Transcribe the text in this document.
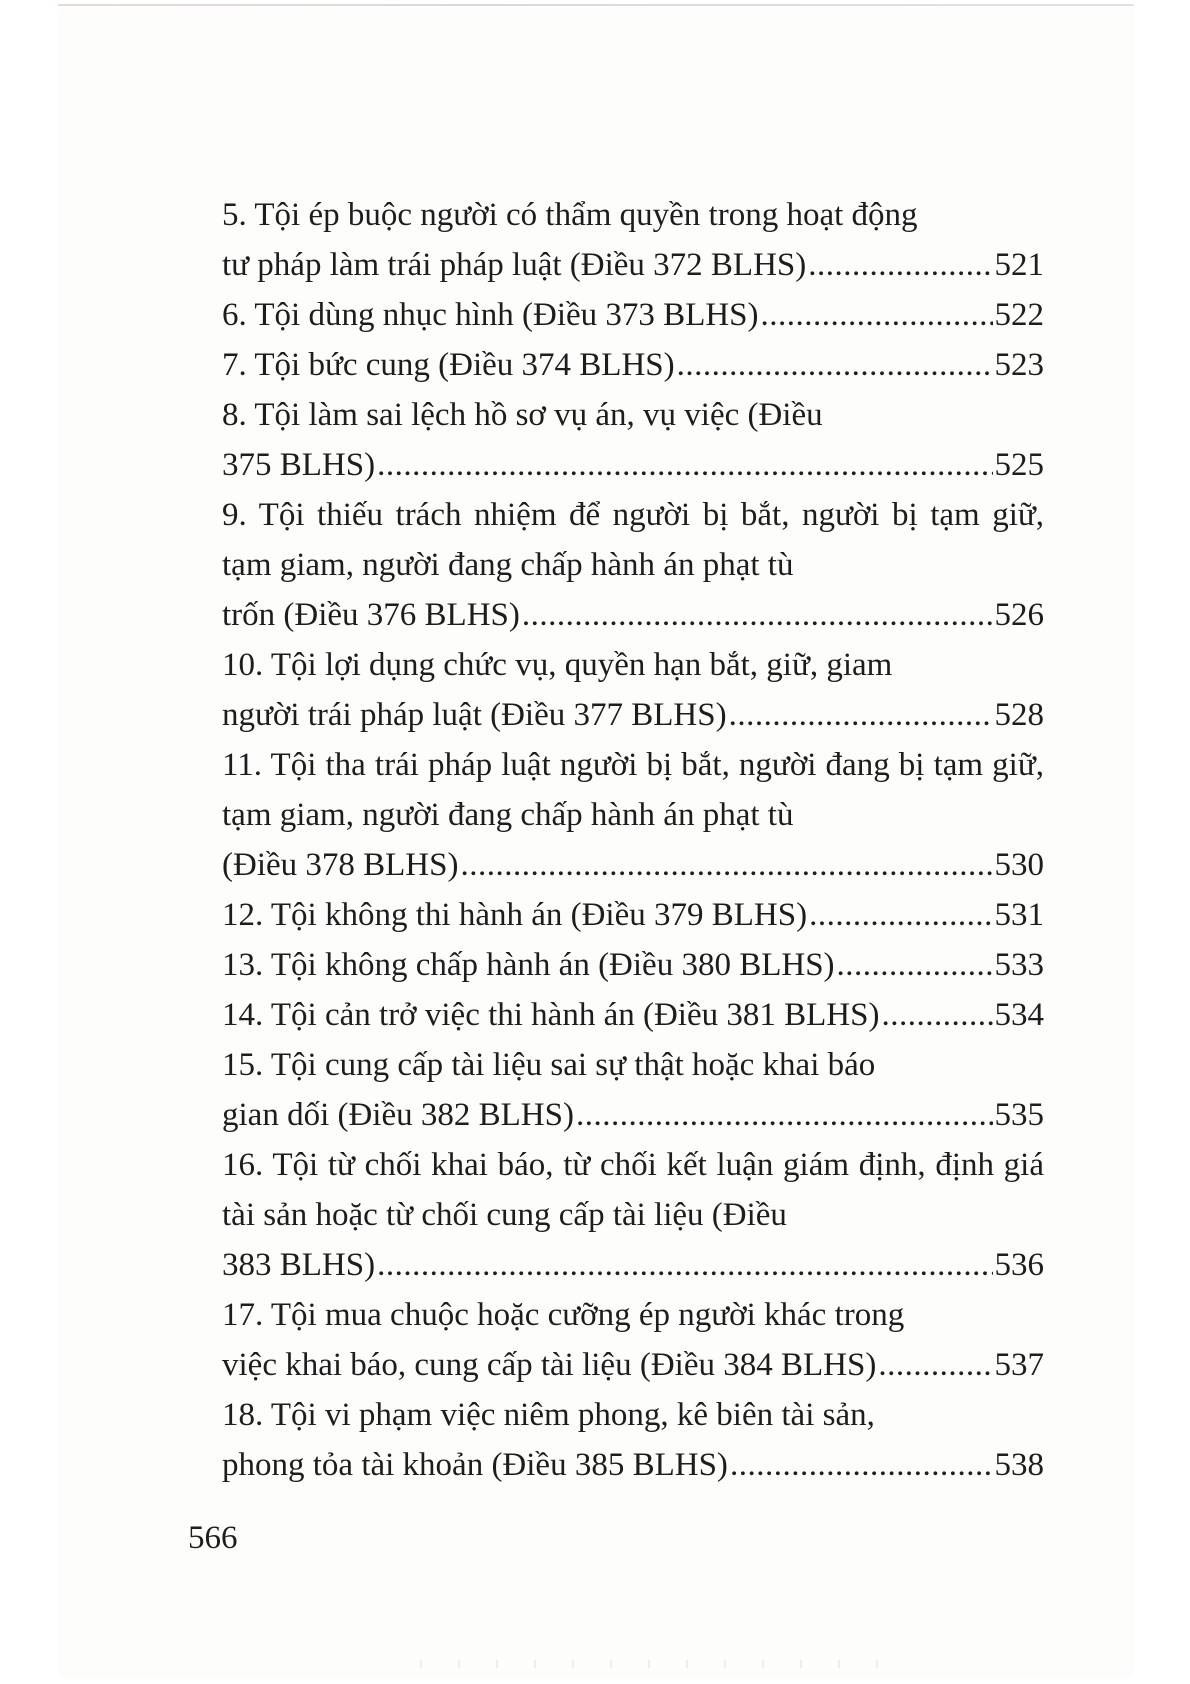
5. Tội ép buộc người có thẩm quyền trong hoạt động
tư pháp làm trái pháp luật (Điều 372 BLHS) .....	521
6. Tội dùng nhục hình (Điều 373 BLHS) .....	522
7. Tội bức cung (Điều 374 BLHS) .....	523
8. Tội làm sai lệch hồ sơ vụ án, vụ việc (Điều
375 BLHS) .....	525
9. Tội thiếu trách nhiệm để người bị bắt, người bị tạm giữ, tạm giam, người đang chấp hành án phạt tù
trốn (Điều 376 BLHS) .....	526
10. Tội lợi dụng chức vụ, quyền hạn bắt, giữ, giam
người trái pháp luật (Điều 377 BLHS) .....	528
11. Tội tha trái pháp luật người bị bắt, người đang bị tạm giữ, tạm giam, người đang chấp hành án phạt tù
(Điều 378 BLHS) .....	530
12. Tội không thi hành án (Điều 379 BLHS) .....	531
13. Tội không chấp hành án (Điều 380 BLHS) .....	533
14. Tội cản trở việc thi hành án (Điều 381 BLHS) .....	534
15. Tội cung cấp tài liệu sai sự thật hoặc khai báo
gian dối (Điều 382 BLHS) .....	535
16. Tội từ chối khai báo, từ chối kết luận giám định, định giá tài sản hoặc từ chối cung cấp tài liệu (Điều
383 BLHS) .....	536
17. Tội mua chuộc hoặc cưỡng ép người khác trong
việc khai báo, cung cấp tài liệu (Điều 384 BLHS) .....	537
18. Tội vi phạm việc niêm phong, kê biên tài sản,
phong tỏa tài khoản (Điều 385 BLHS) .....	538
566
